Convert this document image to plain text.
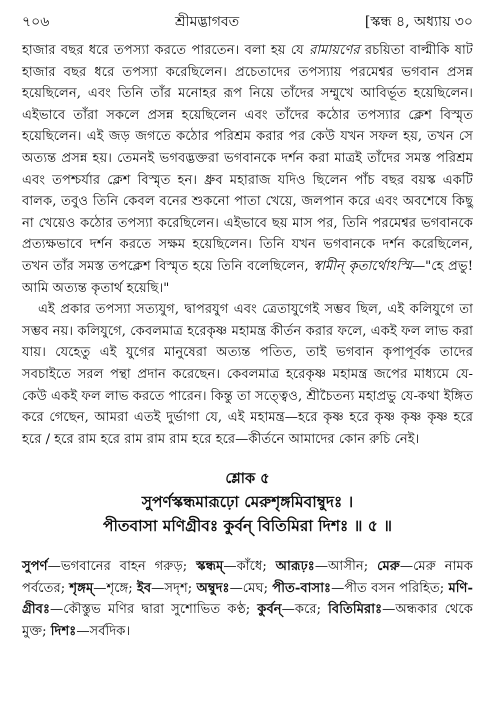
৭০৬	শ্রীমদ্ভাগবত	[স্কন্ধ ৪, অধ্যায় ৩০

হাজার বছর ধরে তপস্যা করতে পারতেন। বলা হয় যে রামায়ণের রচয়িতা বাল্মীকি ষাট হাজার বছর ধরে তপস্যা করেছিলেন। প্রচেতাদের তপস্যায় পরমেশ্বর ভগবান প্রসন্ন হয়েছিলেন, এবং তিনি তাঁর মনোহর রূপ নিয়ে তাঁদের সম্মুখে আবির্ভূত হয়েছিলেন। এইভাবে তাঁরা সকলে প্রসন্ন হয়েছিলেন এবং তাঁদের কঠোর তপস্যার ক্লেশ বিস্মৃত হয়েছিলেন। এই জড় জগতে কঠোর পরিশ্রম করার পর কেউ যখন সফল হয়, তখন সে অত্যন্ত প্রসন্ন হয়। তেমনই ভগবদ্ভক্তরা ভগবানকে দর্শন করা মাত্রই তাঁদের সমস্ত পরিশ্রম এবং তপশ্চর্যার ক্লেশ বিস্মৃত হন। ধ্রুব মহারাজ যদিও ছিলেন পাঁচ বছর বয়স্ক একটি বালক, তবুও তিনি কেবল বনের শুকনো পাতা খেয়ে, জলপান করে এবং অবশেষে কিছু না খেয়েও কঠোর তপস্যা করেছিলেন। এইভাবে ছয় মাস পর, তিনি পরমেশ্বর ভগবানকে প্রত্যক্ষভাবে দর্শন করতে সক্ষম হয়েছিলেন। তিনি যখন ভগবানকে দর্শন করেছিলেন, তখন তাঁর সমস্ত তপক্লেশ বিস্মৃত হয়ে তিনি বলেছিলেন, স্বামীন্ কৃতার্থোঽস্মি—"হে প্রভু! আমি অত্যন্ত কৃতার্থ হয়েছি।"

এই প্রকার তপস্যা সত্যযুগ, দ্বাপরযুগ এবং ত্রেতাযুগেই সম্ভব ছিল, এই কলিযুগে তা সম্ভব নয়। কলিযুগে, কেবলমাত্র হরেকৃষ্ণ মহামন্ত্র কীর্তন করার ফলে, একই ফল লাভ করা যায়। যেহেতু এই যুগের মানুষেরা অত্যন্ত পতিত, তাই ভগবান কৃপাপূর্বক তাদের সবচাইতে সরল পন্থা প্রদান করেছেন। কেবলমাত্র হরেকৃষ্ণ মহামন্ত্র জপের মাধ্যমে যে-কেউ একই ফল লাভ করতে পারেন। কিন্তু তা সত্ত্বেও, শ্রীচৈতন্য মহাপ্রভু যে-কথা ইঙ্গিত করে গেছেন, আমরা এতই দুর্ভাগা যে, এই মহামন্ত্র—হরে কৃষ্ণ হরে কৃষ্ণ কৃষ্ণ কৃষ্ণ হরে হরে / হরে রাম হরে রাম রাম রাম হরে হরে—কীর্তনে আমাদের কোন রুচি নেই।

শ্লোক ৫
সুপর্ণস্কন্ধমারূঢ়ো মেরুশৃঙ্গমিবাম্বুদঃ ।
পীতবাসা মণিগ্রীবঃ কুর্বন্ বিতিমিরা দিশঃ ॥ ৫ ॥
সুপর্ণ—ভগবানের বাহন গরুড়; স্কন্ধম্—কাঁধে; আরূঢ়ঃ—আসীন; মেরু—মেরু নামক পর্বতের; শৃঙ্গম্—শৃঙ্গে; ইব—সদৃশ; অম্বুদঃ—মেঘ; পীত-বাসাঃ—পীত বসন পরিহিত; মণি-গ্রীবঃ—কৌস্তুভ মণির দ্বারা সুশোভিত কণ্ঠ; কুর্বন্—করে; বিতিমিরাঃ—অন্ধকার থেকে মুক্ত; দিশঃ—সর্বদিক।
